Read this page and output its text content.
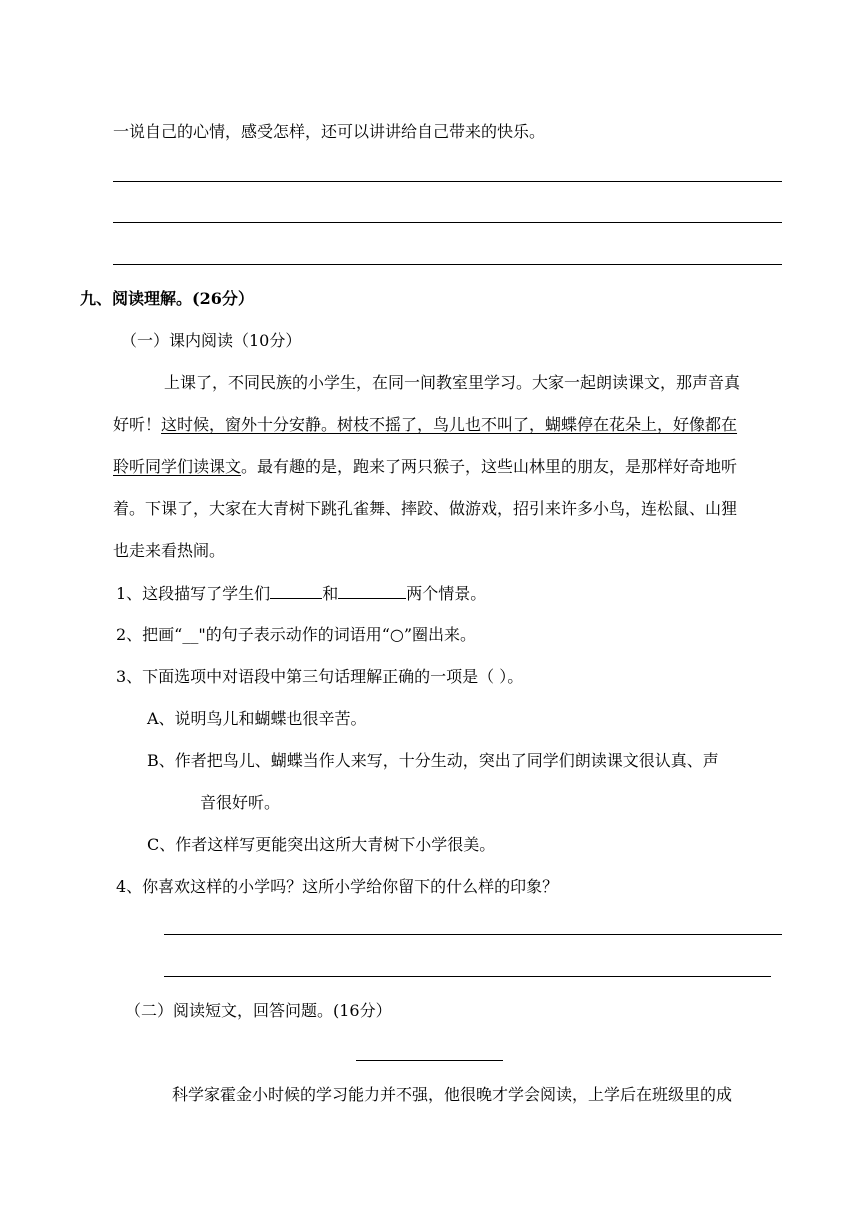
一说自己的心情，感受怎样，还可以讲讲给自己带来的快乐。
九、阅读理解。(26分）
（一）课内阅读（10分）
上课了，不同民族的小学生，在同一间教室里学习。大家一起朗读课文，那声音真
好听！这时候，窗外十分安静。树枝不摇了，鸟儿也不叫了，蝴蝶停在花朵上，好像都在
聆听同学们读课文。最有趣的是，跑来了两只猴子，这些山林里的朋友，是那样好奇地听
着。下课了，大家在大青树下跳孔雀舞、摔跤、做游戏，招引来许多小鸟，连松鼠、山狸
也走来看热闹。
1、这段描写了学生们	和	两个情景。
2、把画“__"的句子表示动作的词语用“○”圈出来。
3、下面选项中对语段中第三句话理解正确的一项是（ ）。
A、说明鸟儿和蝴蝶也很辛苦。
B、作者把鸟儿、蝴蝶当作人来写，十分生动，突出了同学们朗读课文很认真、声
音很好听。
C、作者这样写更能突出这所大青树下小学很美。
4、你喜欢这样的小学吗？这所小学给你留下的什么样的印象？
（二）阅读短文，回答问题。(16分）
科学家霍金小时候的学习能力并不强，他很晚才学会阅读，上学后在班级里的成
